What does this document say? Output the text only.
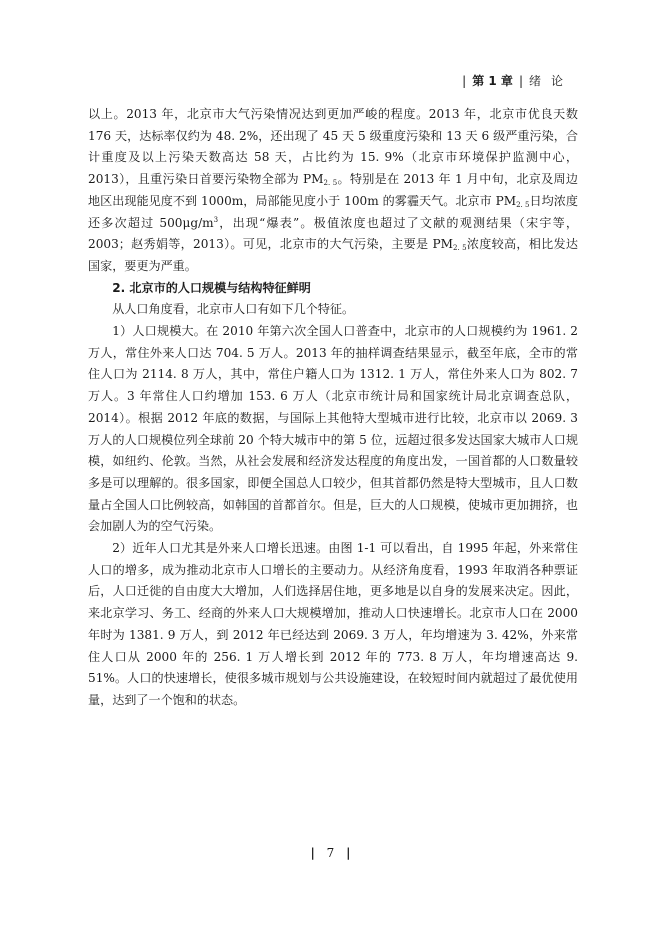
| 第 1 章 | 绪论

以上。2013 年，北京市大气污染情况达到更加严峻的程度。2013 年，北京市优良天数 176 天，达标率仅约为 48. 2%，还出现了 45 天 5 级重度污染和 13 天 6 级严重污染，合计重度及以上污染天数高达 58 天，占比约为 15. 9%（北京市环境保护监测中心，2013），且重污染日首要污染物全部为 $PM_{2. 5}$。特别是在 2013 年 1 月中旬，北京及周边地区出现能见度不到 1000m，局部能见度小于 100m 的雾霾天气。北京市 $PM_{2. 5}$日均浓度还多次超过 $500\mu g/m^3$，出现“爆表”。极值浓度也超过了文献的观测结果（宋宇等，2003；赵秀娟等，2013）。可见，北京市的大气污染，主要是 $PM_{2. 5}$浓度较高，相比发达国家，要更为严重。

2. 北京市的人口规模与结构特征鲜明

从人口角度看，北京市人口有如下几个特征。

1）人口规模大。在 2010 年第六次全国人口普查中，北京市的人口规模约为 1961. 2 万人，常住外来人口达 704. 5 万人。2013 年的抽样调查结果显示，截至年底，全市的常住人口为 2114. 8 万人，其中，常住户籍人口为 1312. 1 万人，常住外来人口为 802. 7 万人。3 年常住人口约增加 153. 6 万人（北京市统计局和国家统计局北京调查总队，2014）。根据 2012 年底的数据，与国际上其他特大型城市进行比较，北京市以 2069. 3 万人的人口规模位列全球前 20 个特大城市中的第 5 位，远超过很多发达国家大城市人口规模，如纽约、伦敦。当然，从社会发展和经济发达程度的角度出发，一国首都的人口数量较多是可以理解的。很多国家，即便全国总人口较少，但其首都仍然是特大型城市，且人口数量占全国人口比例较高，如韩国的首都首尔。但是，巨大的人口规模，使城市更加拥挤，也会加剧人为的空气污染。

2）近年人口尤其是外来人口增长迅速。由图 1-1 可以看出，自 1995 年起，外来常住人口的增多，成为推动北京市人口增长的主要动力。从经济角度看，1993 年取消各种票证后，人口迁徙的自由度大大增加，人们选择居住地，更多地是以自身的发展来决定。因此，来北京学习、务工、经商的外来人口大规模增加，推动人口快速增长。北京市人口在 2000 年时为 1381. 9 万人，到 2012 年已经达到 2069. 3 万人，年均增速为 3. 42%，外来常住人口从 2000 年的 256. 1 万人增长到 2012 年的 773. 8 万人，年均增速高达 9. 51%。人口的快速增长，使很多城市规划与公共设施建设，在较短时间内就超过了最优使用量，达到了一个饱和的状态。

| 7 |
